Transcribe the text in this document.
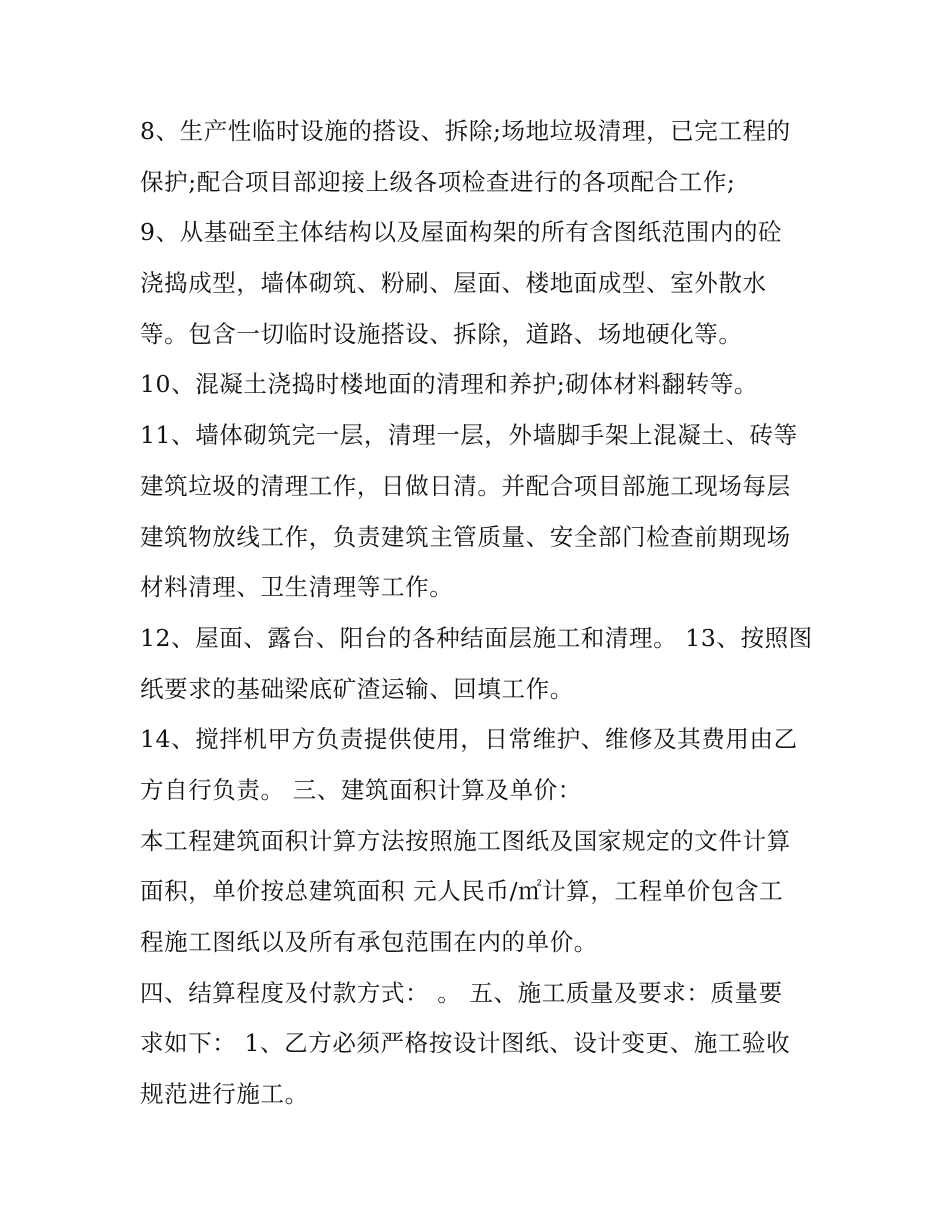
8、生产性临时设施的搭设、拆除;场地垃圾清理，已完工程的
保护;配合项目部迎接上级各项检查进行的各项配合工作;
9、从基础至主体结构以及屋面构架的所有含图纸范围内的砼
浇捣成型，墙体砌筑、粉刷、屋面、楼地面成型、室外散水
等。包含一切临时设施搭设、拆除，道路、场地硬化等。
10、混凝土浇捣时楼地面的清理和养护;砌体材料翻转等。
11、墙体砌筑完一层，清理一层，外墙脚手架上混凝土、砖等
建筑垃圾的清理工作，日做日清。并配合项目部施工现场每层
建筑物放线工作，负责建筑主管质量、安全部门检查前期现场
材料清理、卫生清理等工作。
12、屋面、露台、阳台的各种结面层施工和清理。 13、按照图
纸要求的基础梁底矿渣运输、回填工作。
14、搅拌机甲方负责提供使用，日常维护、维修及其费用由乙
方自行负责。 三、建筑面积计算及单价：
本工程建筑面积计算方法按照施工图纸及国家规定的文件计算
面积，单价按总建筑面积 元人民币/㎡计算，工程单价包含工
程施工图纸以及所有承包范围在内的单价。
四、结算程度及付款方式： 。 五、施工质量及要求：质量要
求如下： 1、乙方必须严格按设计图纸、设计变更、施工验收
规范进行施工。
